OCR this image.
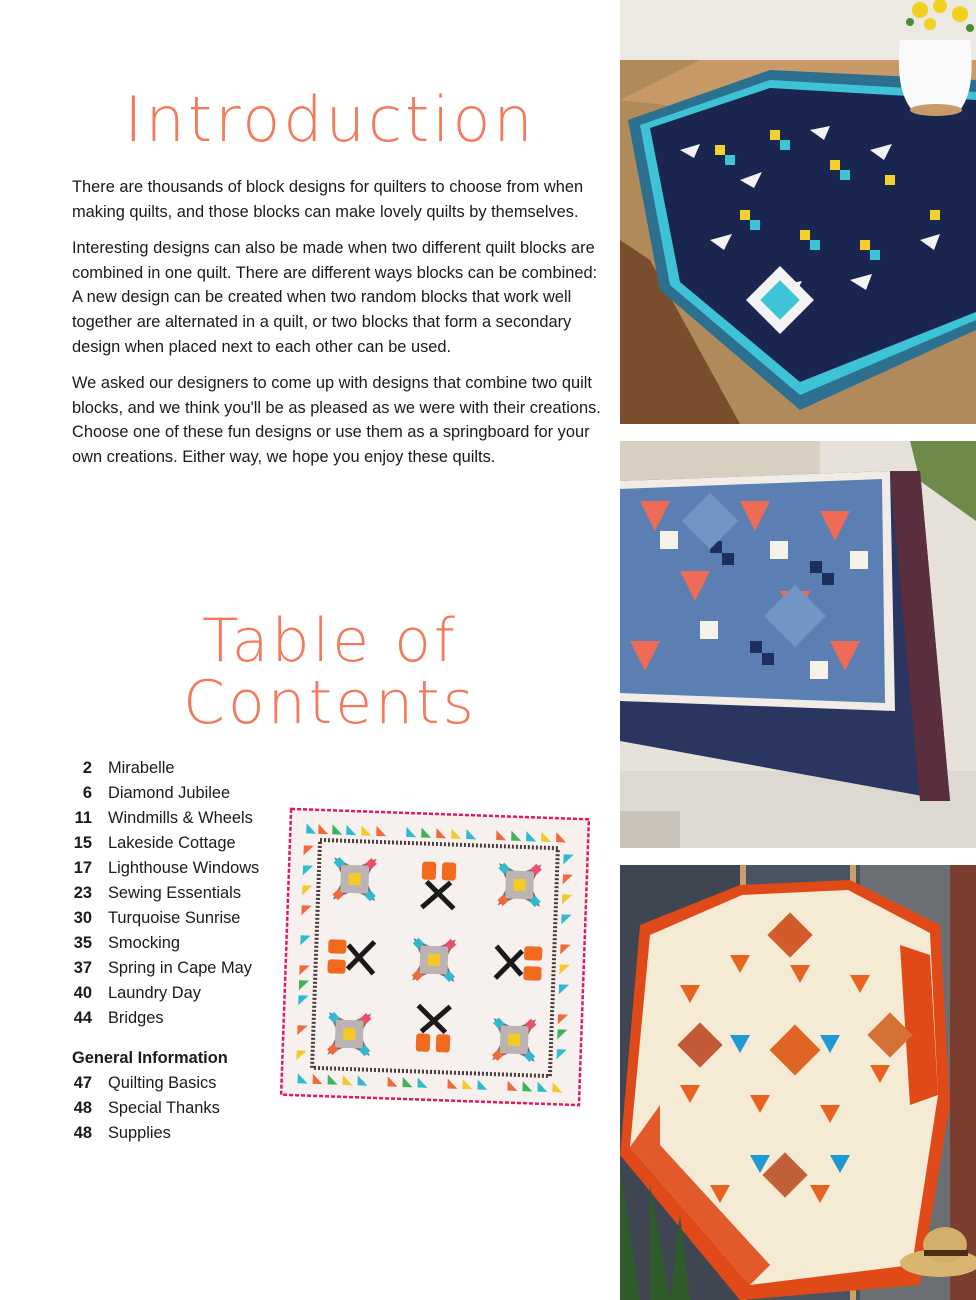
Introduction

There are thousands of block designs for quilters to choose from when making quilts, and those blocks can make lovely quilts by themselves.

Interesting designs can also be made when two different quilt blocks are combined in one quilt. There are different ways blocks can be combined: A new design can be created when two random blocks that work well together are alternated in a quilt, or two blocks that form a secondary design when placed next to each other can be used.

We asked our designers to come up with designs that combine two quilt blocks, and we think you'll be as pleased as we were with their creations. Choose one of these fun designs or use them as a springboard for your own creations. Either way, we hope you enjoy these quilts.

Table of
Contents
2 Mirabelle
6 Diamond Jubilee
11 Windmills & Wheels
15 Lakeside Cottage
17 Lighthouse Windows
23 Sewing Essentials
30 Turquoise Sunrise
35 Smocking
37 Spring in Cape May
40 Laundry Day
44 Bridges
General Information
47 Quilting Basics
48 Special Thanks
48 Supplies
